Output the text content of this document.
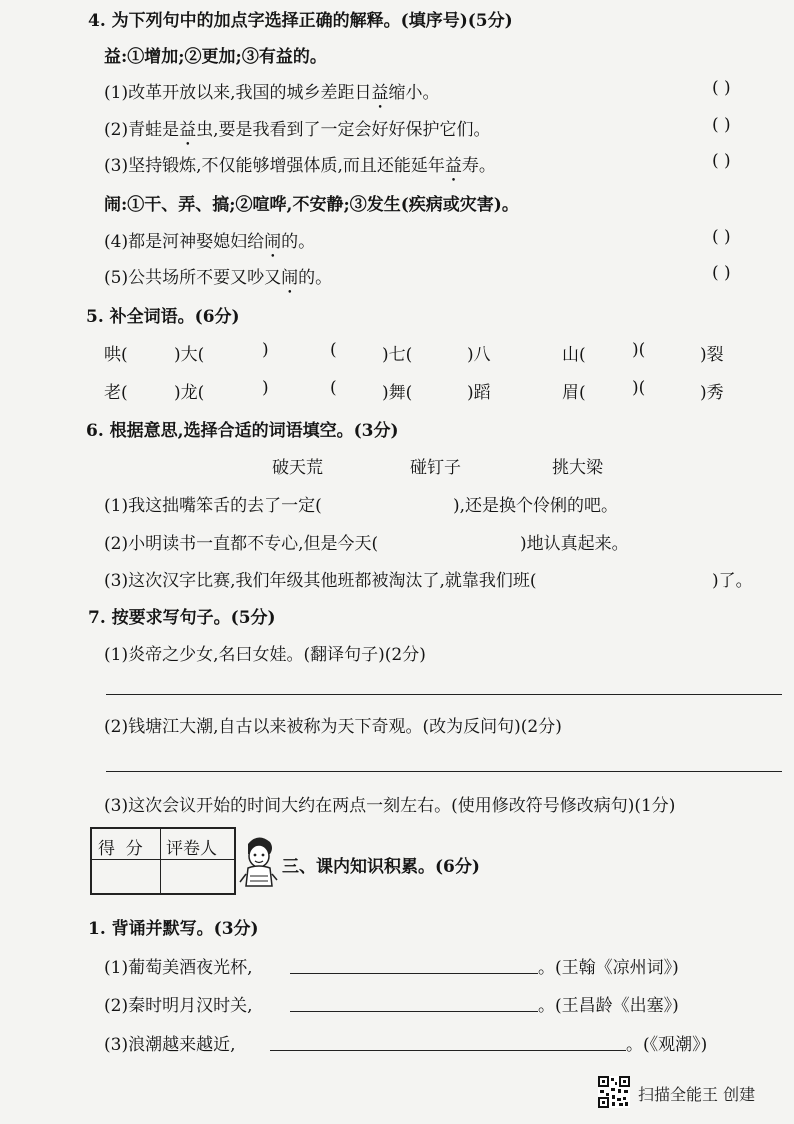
4. 为下列句中的加点字选择正确的解释。(填序号)(5分)
益:①增加;②更加;③有益的。
(1)改革开放以来,我国的城乡差距日益缩小。	( )
(2)青蛙是益虫,要是我看到了一定会好好保护它们。	( )
(3)坚持锻炼,不仅能够增强体质,而且还能延年益寿。	( )
闹:①干、弄、搞;②喧哗,不安静;③发生(疾病或灾害)。
(4)都是河神娶媳妇给闹的。	( )
(5)公共场所不要又吵又闹的。	( )
5. 补全词语。(6分)
哄(	)大(	)	(	)七(	)八	山(	)(	)裂
老(	)龙(	)	(	)舞(	)蹈	眉(	)(	)秀
6. 根据意思,选择合适的词语填空。(3分)
破天荒	碰钉子	挑大梁
(1)我这拙嘴笨舌的去了一定(	),还是换个伶俐的吧。
(2)小明读书一直都不专心,但是今天(	)地认真起来。
(3)这次汉字比赛,我们年级其他班都被淘汰了,就靠我们班(	)了。
7. 按要求写句子。(5分)
(1)炎帝之少女,名曰女娃。(翻译句子)(2分)
(2)钱塘江大潮,自古以来被称为天下奇观。(改为反问句)(2分)
(3)这次会议开始的时间大约在两点一刻左右。(使用修改符号修改病句)(1分)
得  分 评卷人
三、课内知识积累。(6分)
1. 背诵并默写。(3分)
(1)葡萄美酒夜光杯,	。(王翰《凉州词》)
(2)秦时明月汉时关,	。(王昌龄《出塞》)
(3)浪潮越来越近,	。(《观潮》)
扫描全能王 创建
